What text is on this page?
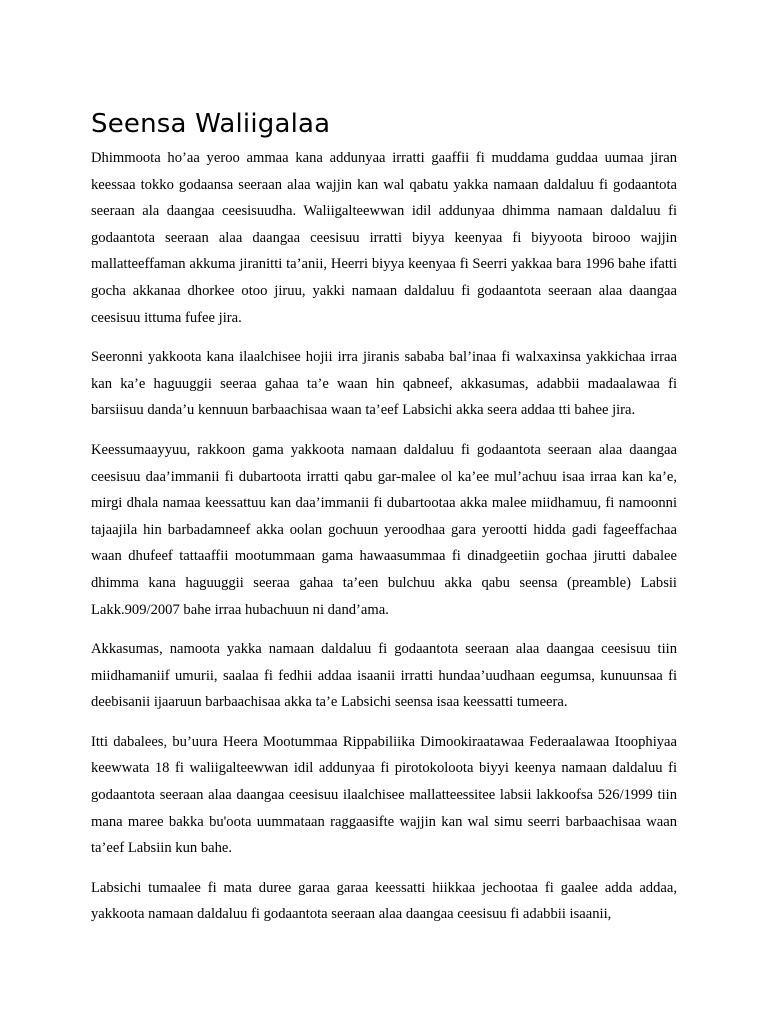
Seensa Waliigalaa

Dhimmoota ho’aa yeroo ammaa kana addunyaa irratti gaaffii fi muddama guddaa uumaa jiran keessaa tokko godaansa seeraan alaa wajjin kan wal qabatu yakka namaan daldaluu fi godaantota seeraan ala daangaa ceesisuudha. Waliigalteewwan idil addunyaa dhimma namaan daldaluu fi godaantota seeraan alaa daangaa ceesisuu irratti biyya keenyaa fi biyyoota birooo wajjin mallatteeffaman akkuma jiranitti ta’anii, Heerri biyya keenyaa fi Seerri yakkaa bara 1996 bahe ifatti gocha akkanaa dhorkee otoo jiruu, yakki namaan daldaluu fi godaantota seeraan alaa daangaa ceesisuu ittuma fufee jira.

Seeronni yakkoota kana ilaalchisee hojii irra jiranis sababa bal’inaa fi walxaxinsa yakkichaa irraa kan ka’e haguuggii seeraa gahaa ta’e waan hin qabneef, akkasumas, adabbii madaalawaa fi barsiisuu danda’u kennuun barbaachisaa waan ta’eef Labsichi akka seera addaa tti bahee jira.

Keessumaayyuu, rakkoon gama yakkoota namaan daldaluu fi godaantota seeraan alaa daangaa ceesisuu daa’immanii fi dubartoota irratti qabu gar-malee ol ka’ee mul’achuu isaa irraa kan ka’e, mirgi dhala namaa keessattuu kan daa’immanii fi dubartootaa akka malee miidhamuu, fi namoonni tajaajila hin barbadamneef akka oolan gochuun yeroodhaa gara yerootti hidda gadi fageeffachaa waan dhufeef tattaaffii mootummaan gama hawaasummaa fi dinadgeetiin gochaa jirutti dabalee dhimma kana haguuggii seeraa gahaa ta’een bulchuu akka qabu seensa (preamble) Labsii Lakk.909/2007 bahe irraa hubachuun ni dand’ama.

Akkasumas, namoota yakka namaan daldaluu fi godaantota seeraan alaa daangaa ceesisuu tiin miidhamaniif umurii, saalaa fi fedhii addaa isaanii irratti hundaa’uudhaan eegumsa, kunuunsaa fi deebisanii ijaaruun barbaachisaa akka ta’e Labsichi seensa isaa keessatti tumeera.

Itti dabalees, bu’uura Heera Mootummaa Rippabiliika Dimookiraatawaa Federaalawaa Itoophiyaa keewwata 18 fi waliigalteewwan idil addunyaa fi pirotokoloota biyyi keenya namaan daldaluu fi godaantota seeraan alaa daangaa ceesisuu ilaalchisee mallatteessitee labsii lakkoofsa 526/1999 tiin mana maree bakka bu'oota uummataan raggaasifte wajjin kan wal simu seerri barbaachisaa waan ta’eef Labsiin kun bahe.

Labsichi tumaalee fi mata duree garaa garaa keessatti hiikkaa jechootaa fi gaalee adda addaa, yakkoota namaan daldaluu fi godaantota seeraan alaa daangaa ceesisuu fi adabbii isaanii,
